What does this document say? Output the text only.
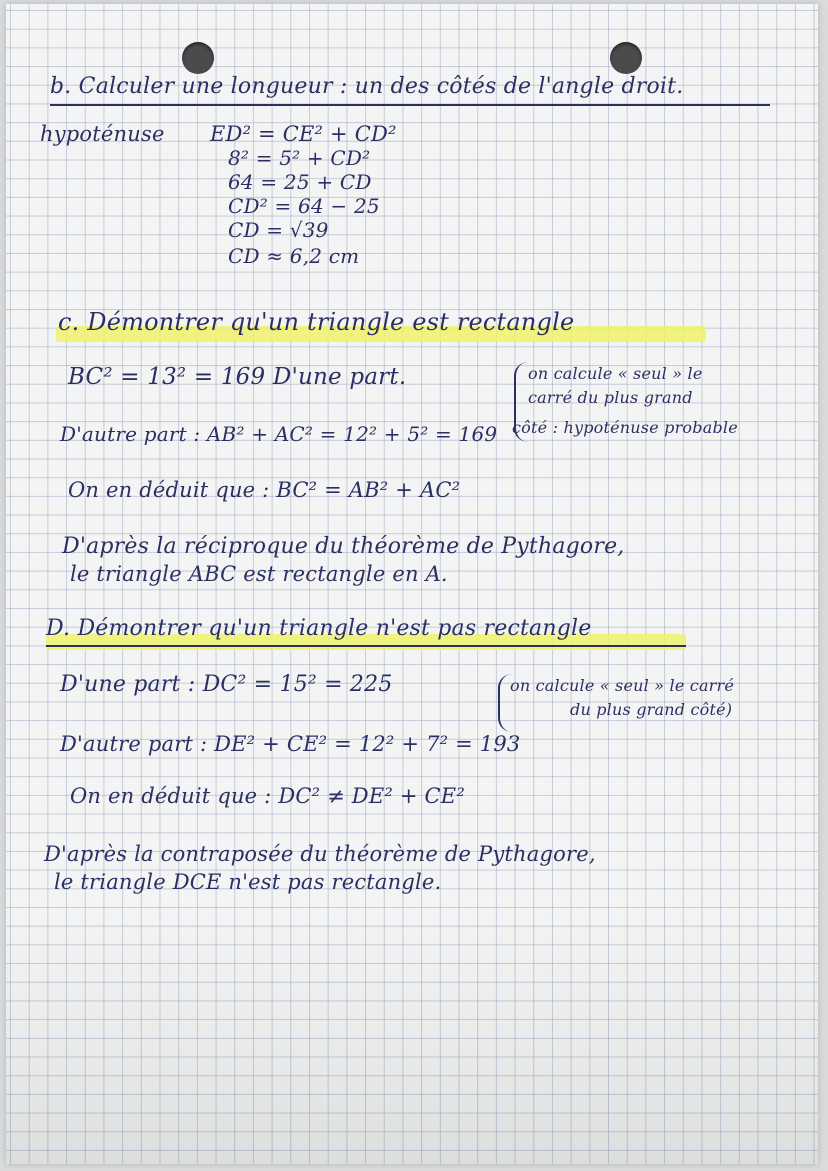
b. Calculer une longueur : un des côtés de l'angle droit.
hypoténuse ED² = CE² + CD²
8² = 5² + CD²
64 = 25 + CD
CD² = 64 − 25
CD = √39
CD ≈ 6,2 cm
c. Démontrer qu'un triangle est rectangle
BC² = 13² = 169 D'une part.	on calcule « seul » le
carré du plus grand
côté : hypoténuse probable
D'autre part : AB² + AC² = 12² + 5² = 169
On en déduit que : BC² = AB² + AC²
D'après la réciproque du théorème de Pythagore,
le triangle ABC est rectangle en A.
D. Démontrer qu'un triangle n'est pas rectangle
D'une part : DC² = 15² = 225	on calcule « seul » le carré
du plus grand côté)
D'autre part : DE² + CE² = 12² + 7² = 193
On en déduit que : DC² ≠ DE² + CE²
D'après la contraposée du théorème de Pythagore,
le triangle DCE n'est pas rectangle.
